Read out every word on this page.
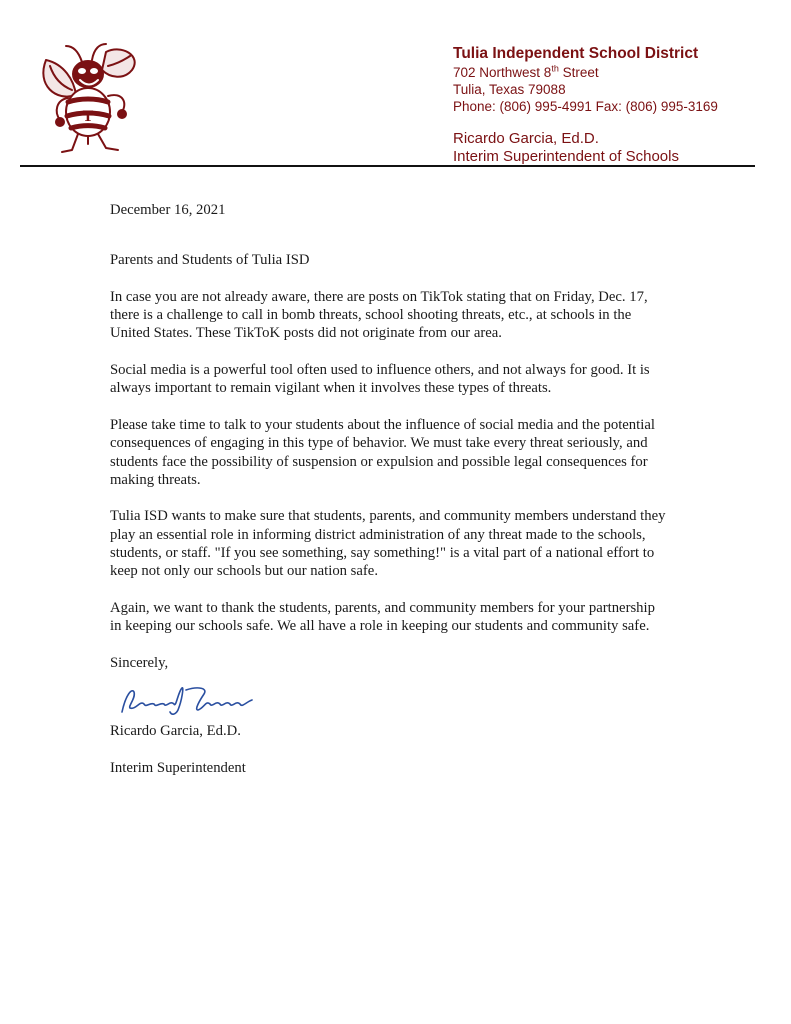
T
Tulia Independent School District
702 Northwest 8th Street
Tulia, Texas 79088
Phone: (806) 995-4991 Fax: (806) 995-3169
Ricardo Garcia, Ed.D.
Interim Superintendent of Schools

December 16, 2021

Parents and Students of Tulia ISD

In case you are not already aware, there are posts on TikTok stating that on Friday, Dec. 17, there is a challenge to call in bomb threats, school shooting threats, etc., at schools in the United States. These TikToK posts did not originate from our area.

Social media is a powerful tool often used to influence others, and not always for good. It is always important to remain vigilant when it involves these types of threats.

Please take time to talk to your students about the influence of social media and the potential consequences of engaging in this type of behavior. We must take every threat seriously, and students face the possibility of suspension or expulsion and possible legal consequences for making threats.

Tulia ISD wants to make sure that students, parents, and community members understand they play an essential role in informing district administration of any threat made to the schools, students, or staff. "If you see something, say something!" is a vital part of a national effort to keep not only our schools but our nation safe.

Again, we want to thank the students, parents, and community members for your partnership in keeping our schools safe. We all have a role in keeping our students and community safe.

Sincerely,

Ricardo Garcia, Ed.D.

Interim Superintendent
